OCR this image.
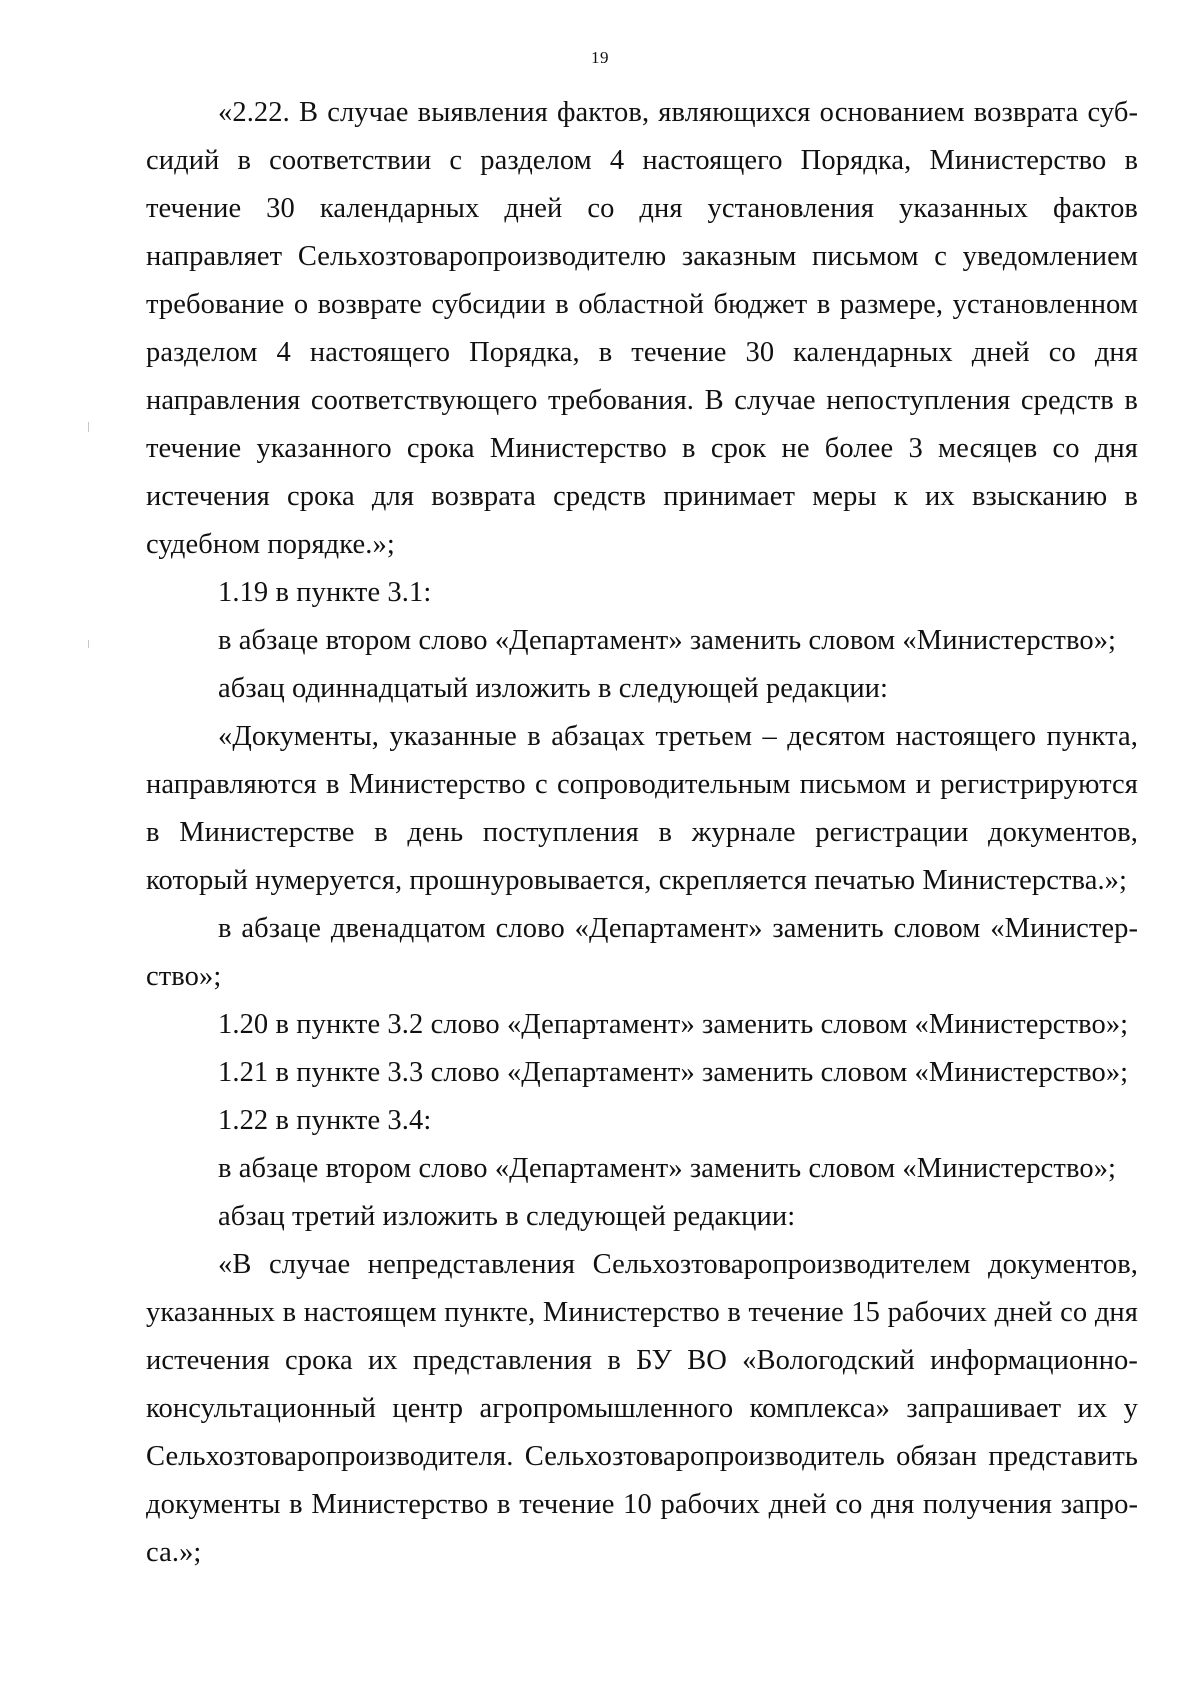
19

«2.22. В случае выявления фактов, являющихся основанием возврата субсидий в соответствии с разделом 4 настоящего Порядка, Министерство в течение 30 календарных дней со дня установления указанных фактов направляет Сельхозтоваропроизводителю заказным письмом с уведомлением требование о возврате субсидии в областной бюджет в размере, установленном разделом 4 настоящего Порядка, в течение 30 календарных дней со дня направления соответствующего требования. В случае непоступления средств в течение указанного срока Министерство в срок не более 3 месяцев со дня истечения срока для возврата средств принимает меры к их взысканию в судебном порядке.»;

1.19 в пункте 3.1:

в абзаце втором слово «Департамент» заменить словом «Министерство»;

абзац одиннадцатый изложить в следующей редакции:

«Документы, указанные в абзацах третьем – десятом настоящего пункта, направляются в Министерство с сопроводительным письмом и регистрируются в Министерстве в день поступления в журнале регистрации документов, который нумеруется, прошнуровывается, скрепляется печатью Министерства.»;

в абзаце двенадцатом слово «Департамент» заменить словом «Министерство»;

1.20 в пункте 3.2 слово «Департамент» заменить словом «Министерство»;

1.21 в пункте 3.3 слово «Департамент» заменить словом «Министерство»;

1.22 в пункте 3.4:

в абзаце втором слово «Департамент» заменить словом «Министерство»;

абзац третий изложить в следующей редакции:

«В случае непредставления Сельхозтоваропроизводителем документов, указанных в настоящем пункте, Министерство в течение 15 рабочих дней со дня истечения срока их представления в БУ ВО «Вологодский информационно-консультационный центр агропромышленного комплекса» запрашивает их у Сельхозтоваропроизводителя. Сельхозтоваропроизводитель обязан представить документы в Министерство в течение 10 рабочих дней со дня получения запроса.»;
